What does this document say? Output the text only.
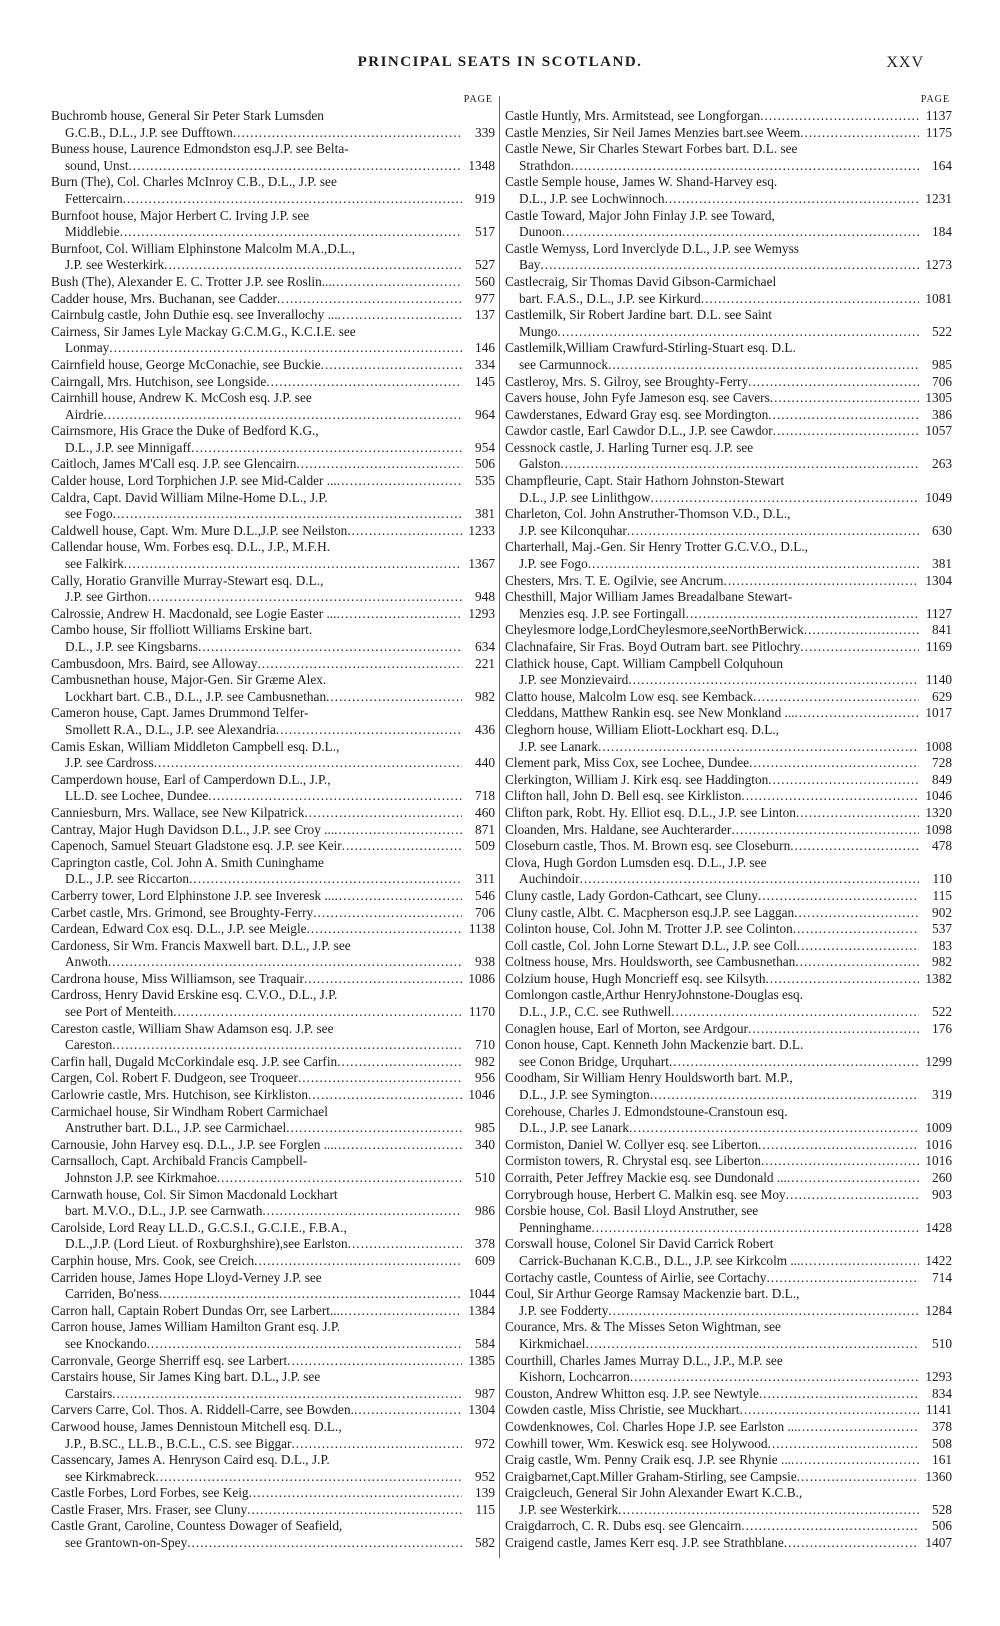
PRINCIPAL SEATS IN SCOTLAND.	XXV
PAGE
Buchromb house, General Sir Peter Stark Lumsden
G.C.B., D.L., J.P. see Dufftown .....	339
Buness house, Laurence Edmondston esq.J.P. see Belta-
sound, Unst .....	1348
Burn (The), Col. Charles McInroy C.B., D.L., J.P. see
Fettercairn .....	919
Burnfoot house, Major Herbert C. Irving J.P. see
Middlebie .....	517
Burnfoot, Col. William Elphinstone Malcolm M.A.,D.L.,
J.P. see Westerkirk .....	527
Bush (The), Alexander E. C. Trotter J.P. see Roslin... .....	560
Cadder house, Mrs. Buchanan, see Cadder .....	977
Cairnbulg castle, John Duthie esq. see Inverallochy ... .....	137
Cairness, Sir James Lyle Mackay G.C.M.G., K.C.I.E. see
Lonmay .....	146
Cairnfield house, George McConachie, see Buckie .....	334
Cairngall, Mrs. Hutchison, see Longside .....	145
Cairnhill house, Andrew K. McCosh esq. J.P. see
Airdrie .....	964
Cairnsmore, His Grace the Duke of Bedford K.G.,
D.L., J.P. see Minnigaff .....	954
Caitloch, James M'Call esq. J.P. see Glencairn .....	506
Calder house, Lord Torphichen J.P. see Mid-Calder ... .....	535
Caldra, Capt. David William Milne-Home D.L., J.P.
see Fogo .....	381
Caldwell house, Capt. Wm. Mure D.L.,J.P. see Neilston .....	1233
Callendar house, Wm. Forbes esq. D.L., J.P., M.F.H.
see Falkirk .....	1367
Cally, Horatio Granville Murray-Stewart esq. D.L.,
J.P. see Girthon .....	948
Calrossie, Andrew H. Macdonald, see Logie Easter ... .....	1293
Cambo house, Sir ffolliott Williams Erskine bart.
D.L., J.P. see Kingsbarns .....	634
Cambusdoon, Mrs. Baird, see Alloway .....	221
Cambusnethan house, Major-Gen. Sir Græme Alex.
Lockhart bart. C.B., D.L., J.P. see Cambusnethan .....	982
Cameron house, Capt. James Drummond Telfer-
Smollett R.A., D.L., J.P. see Alexandria .....	436
Camis Eskan, William Middleton Campbell esq. D.L.,
J.P. see Cardross .....	440
Camperdown house, Earl of Camperdown D.L., J.P.,
LL.D. see Lochee, Dundee .....	718
Canniesburn, Mrs. Wallace, see New Kilpatrick .....	460
Cantray, Major Hugh Davidson D.L., J.P. see Croy ... .....	871
Capenoch, Samuel Steuart Gladstone esq. J.P. see Keir .....	509
Caprington castle, Col. John A. Smith Cuninghame
D.L., J.P. see Riccarton .....	311
Carberry tower, Lord Elphinstone J.P. see Inveresk ... .....	546
Carbet castle, Mrs. Grimond, see Broughty-Ferry .....	706
Cardean, Edward Cox esq. D.L., J.P. see Meigle .....	1138
Cardoness, Sir Wm. Francis Maxwell bart. D.L., J.P. see
Anwoth .....	938
Cardrona house, Miss Williamson, see Traquair .....	1086
Cardross, Henry David Erskine esq. C.V.O., D.L., J.P.
see Port of Menteith .....	1170
Careston castle, William Shaw Adamson esq. J.P. see
Careston .....	710
Carfin hall, Dugald McCorkindale esq. J.P. see Carfin .....	982
Cargen, Col. Robert F. Dudgeon, see Troqueer .....	956
Carlowrie castle, Mrs. Hutchison, see Kirkliston .....	1046
Carmichael house, Sir Windham Robert Carmichael
Anstruther bart. D.L., J.P. see Carmichael .....	985
Carnousie, John Harvey esq. D.L., J.P. see Forglen ... .....	340
Carnsalloch, Capt. Archibald Francis Campbell-
Johnston J.P. see Kirkmahoe .....	510
Carnwath house, Col. Sir Simon Macdonald Lockhart
bart. M.V.O., D.L., J.P. see Carnwath .....	986
Carolside, Lord Reay LL.D., G.C.S.I., G.C.I.E., F.B.A.,
D.L.,J.P. (Lord Lieut. of Roxburghshire),see Earlston .....	378
Carphin house, Mrs. Cook, see Creich .....	609
Carriden house, James Hope Lloyd-Verney J.P. see
Carriden, Bo'ness .....	1044
Carron hall, Captain Robert Dundas Orr, see Larbert... .....	1384
Carron house, James William Hamilton Grant esq. J.P.
see Knockando .....	584
Carronvale, George Sherriff esq. see Larbert .....	1385
Carstairs house, Sir James King bart. D.L., J.P. see
Carstairs .....	987
Carvers Carre, Col. Thos. A. Riddell-Carre, see Bowden. .....	1304
Carwood house, James Dennistoun Mitchell esq. D.L.,
J.P., B.SC., LL.B., B.C.L., C.S. see Biggar .....	972
Cassencary, James A. Henryson Caird esq. D.L., J.P.
see Kirkmabreck .....	952
Castle Forbes, Lord Forbes, see Keig .....	139
Castle Fraser, Mrs. Fraser, see Cluny .....	115
Castle Grant, Caroline, Countess Dowager of Seafield,
see Grantown-on-Spey .....	582
PAGE
Castle Huntly, Mrs. Armitstead, see Longforgan .....	1137
Castle Menzies, Sir Neil James Menzies bart.see Weem .....	1175
Castle Newe, Sir Charles Stewart Forbes bart. D.L. see
Strathdon .....	164
Castle Semple house, James W. Shand-Harvey esq.
D.L., J.P. see Lochwinnoch .....	1231
Castle Toward, Major John Finlay J.P. see Toward,
Dunoon .....	184
Castle Wemyss, Lord Inverclyde D.L., J.P. see Wemyss
Bay .....	1273
Castlecraig, Sir Thomas David Gibson-Carmichael
bart. F.A.S., D.L., J.P. see Kirkurd .....	1081
Castlemilk, Sir Robert Jardine bart. D.L. see Saint
Mungo .....	522
Castlemilk,William Crawfurd-Stirling-Stuart esq. D.L.
see Carmunnock .....	985
Castleroy, Mrs. S. Gilroy, see Broughty-Ferry .....	706
Cavers house, John Fyfe Jameson esq. see Cavers .....	1305
Cawderstanes, Edward Gray esq. see Mordington .....	386
Cawdor castle, Earl Cawdor D.L., J.P. see Cawdor .....	1057
Cessnock castle, J. Harling Turner esq. J.P. see
Galston .....	263
Champfleurie, Capt. Stair Hathorn Johnston-Stewart
D.L., J.P. see Linlithgow .....	1049
Charleton, Col. John Anstruther-Thomson V.D., D.L.,
J.P. see Kilconquhar .....	630
Charterhall, Maj.-Gen. Sir Henry Trotter G.C.V.O., D.L.,
J.P. see Fogo .....	381
Chesters, Mrs. T. E. Ogilvie, see Ancrum .....	1304
Chesthill, Major William James Breadalbane Stewart-
Menzies esq. J.P. see Fortingall .....	1127
Cheylesmore lodge,LordCheylesmore,seeNorthBerwick .....	841
Clachnafaire, Sir Fras. Boyd Outram bart. see Pitlochry .....	1169
Clathick house, Capt. William Campbell Colquhoun
J.P. see Monzievaird .....	1140
Clatto house, Malcolm Low esq. see Kemback .....	629
Cleddans, Matthew Rankin esq. see New Monkland ... .....	1017
Cleghorn house, William Eliott-Lockhart esq. D.L.,
J.P. see Lanark .....	1008
Clement park, Miss Cox, see Lochee, Dundee .....	728
Clerkington, William J. Kirk esq. see Haddington .....	849
Clifton hall, John D. Bell esq. see Kirkliston .....	1046
Clifton park, Robt. Hy. Elliot esq. D.L., J.P. see Linton .....	1320
Cloanden, Mrs. Haldane, see Auchterarder .....	1098
Closeburn castle, Thos. M. Brown esq. see Closeburn .....	478
Clova, Hugh Gordon Lumsden esq. D.L., J.P. see
Auchindoir .....	110
Cluny castle, Lady Gordon-Cathcart, see Cluny .....	115
Cluny castle, Albt. C. Macpherson esq.J.P. see Laggan .....	902
Colinton house, Col. John M. Trotter J.P. see Colinton .....	537
Coll castle, Col. John Lorne Stewart D.L., J.P. see Coll .....	183
Coltness house, Mrs. Houldsworth, see Cambusnethan .....	982
Colzium house, Hugh Moncrieff esq. see Kilsyth .....	1382
Comlongon castle,Arthur HenryJohnstone-Douglas esq.
D.L., J.P., C.C. see Ruthwell .....	522
Conaglen house, Earl of Morton, see Ardgour .....	176
Conon house, Capt. Kenneth John Mackenzie bart. D.L.
see Conon Bridge, Urquhart .....	1299
Coodham, Sir William Henry Houldsworth bart. M.P.,
D.L., J.P. see Symington .....	319
Corehouse, Charles J. Edmondstoune-Cranstoun esq.
D.L., J.P. see Lanark .....	1009
Cormiston, Daniel W. Collyer esq. see Liberton .....	1016
Cormiston towers, R. Chrystal esq. see Liberton .....	1016
Corraith, Peter Jeffrey Mackie esq. see Dundonald ... .....	260
Corrybrough house, Herbert C. Malkin esq. see Moy .....	903
Corsbie house, Col. Basil Lloyd Anstruther, see
Penninghame .....	1428
Corswall house, Colonel Sir David Carrick Robert
Carrick-Buchanan K.C.B., D.L., J.P. see Kirkcolm ... .....	1422
Cortachy castle, Countess of Airlie, see Cortachy .....	714
Coul, Sir Arthur George Ramsay Mackenzie bart. D.L.,
J.P. see Fodderty .....	1284
Courance, Mrs. & The Misses Seton Wightman, see
Kirkmichael .....	510
Courthill, Charles James Murray D.L., J.P., M.P. see
Kishorn, Lochcarron .....	1293
Couston, Andrew Whitton esq. J.P. see Newtyle .....	834
Cowden castle, Miss Christie, see Muckhart .....	1141
Cowdenknowes, Col. Charles Hope J.P. see Earlston ... .....	378
Cowhill tower, Wm. Keswick esq. see Holywood .....	508
Craig castle, Wm. Penny Craik esq. J.P. see Rhynie ... .....	161
Craigbarnet,Capt.Miller Graham-Stirling, see Campsie .....	1360
Craigcleuch, General Sir John Alexander Ewart K.C.B.,
J.P. see Westerkirk .....	528
Craigdarroch, C. R. Dubs esq. see Glencairn .....	506
Craigend castle, James Kerr esq. J.P. see Strathblane .....	1407
